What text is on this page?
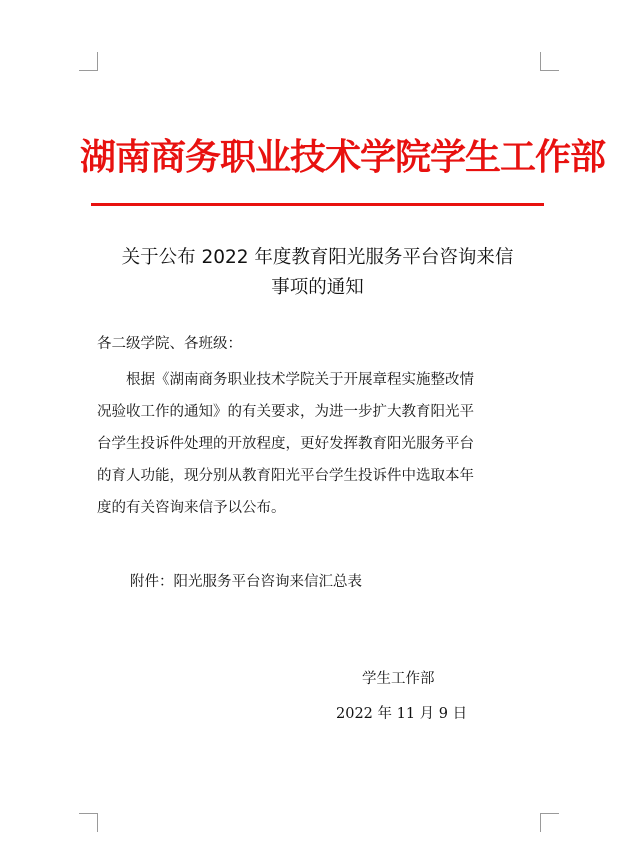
湖南商务职业技术学院学生工作部
关于公布 2022 年度教育阳光服务平台咨询来信
事项的通知
各二级学院、各班级：
根据《湖南商务职业技术学院关于开展章程实施整改情
况验收工作的通知》的有关要求，为进一步扩大教育阳光平
台学生投诉件处理的开放程度，更好发挥教育阳光服务平台
的育人功能，现分别从教育阳光平台学生投诉件中选取本年
度的有关咨询来信予以公布。
附件：阳光服务平台咨询来信汇总表
学生工作部
2022 年 11 月 9 日
